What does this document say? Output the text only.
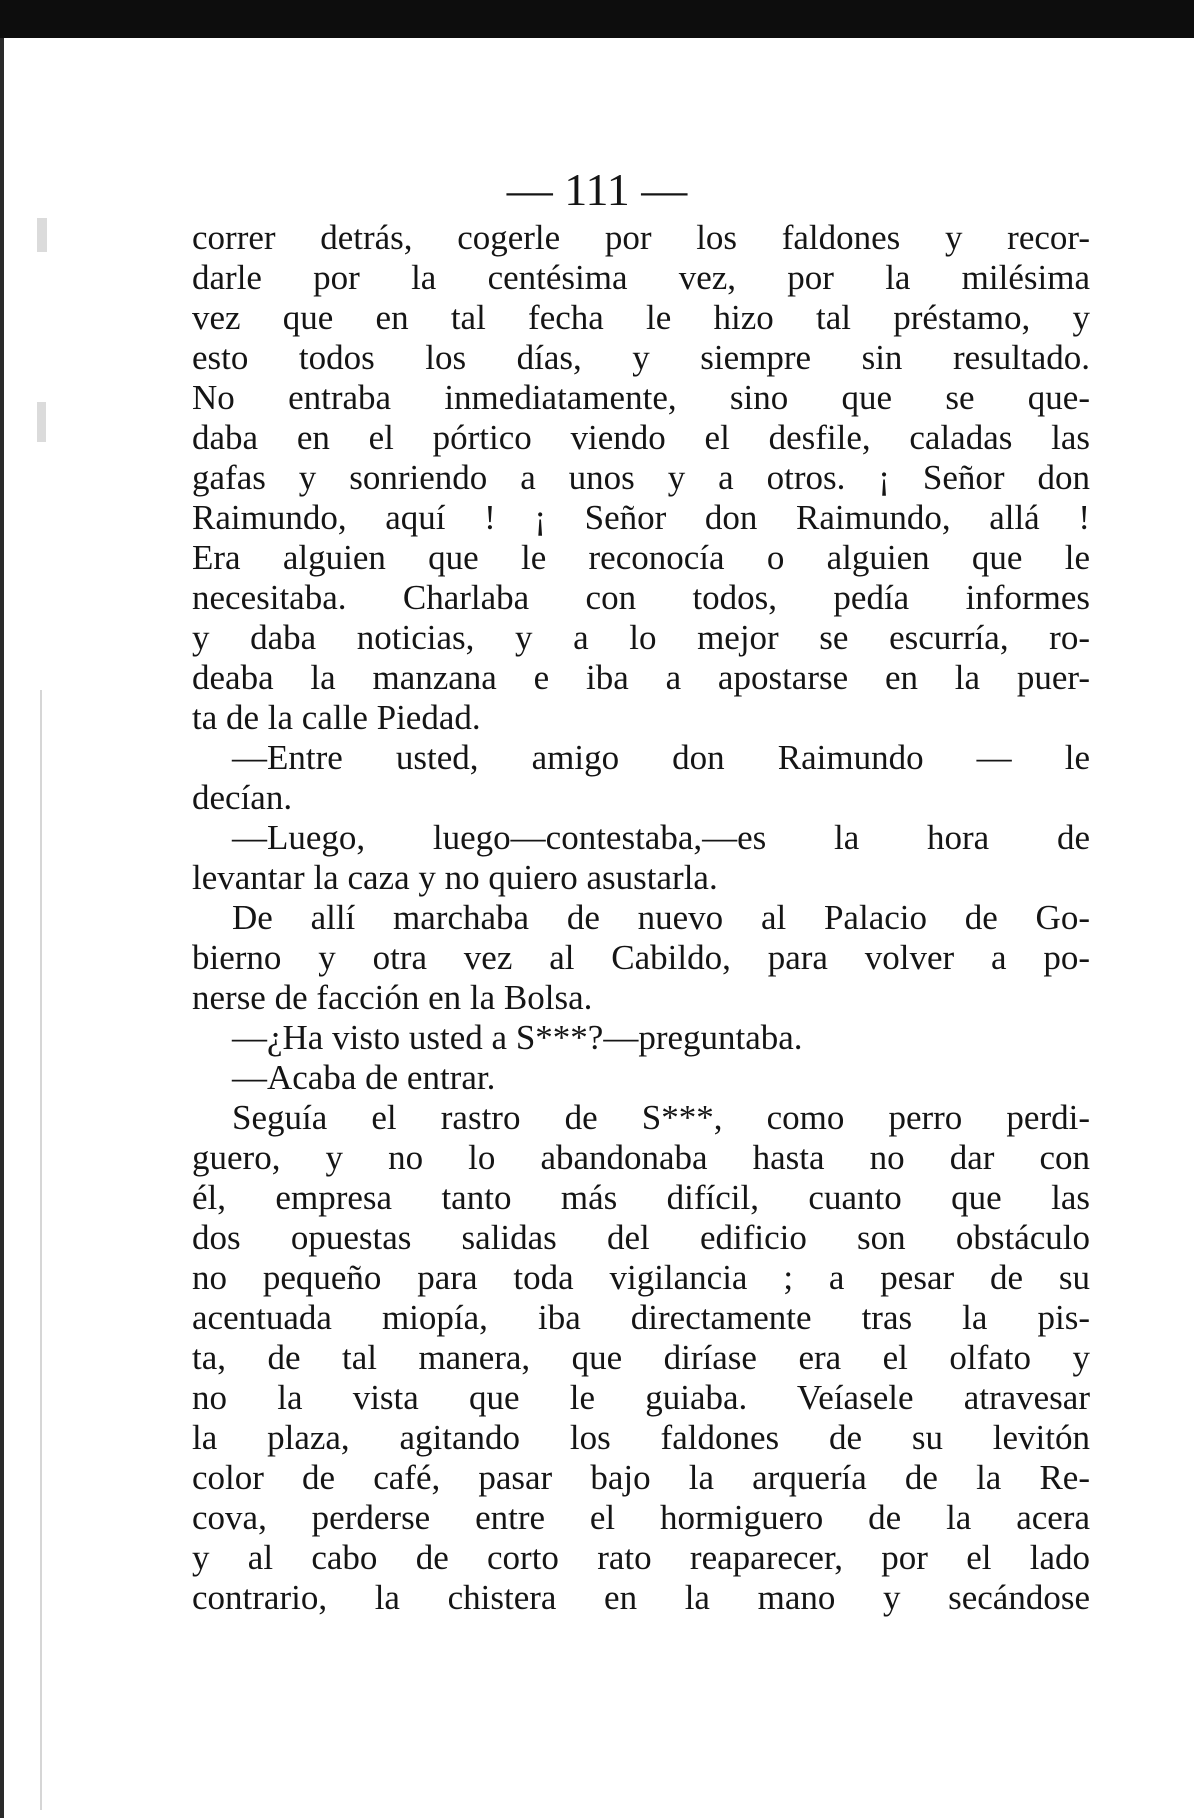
— 111 —
correr detrás, cogerle por los faldones y recor-
darle por la centésima vez, por la milésima
vez que en tal fecha le hizo tal préstamo, y
esto todos los días, y siempre sin resultado.
No entraba inmediatamente, sino que se que-
daba en el pórtico viendo el desfile, caladas las
gafas y sonriendo a unos y a otros. ¡ Señor don
Raimundo, aquí ! ¡ Señor don Raimundo, allá !
Era alguien que le reconocía o alguien que le
necesitaba. Charlaba con todos, pedía informes
y daba noticias, y a lo mejor se escurría, ro-
deaba la manzana e iba a apostarse en la puer-
ta de la calle Piedad.
—Entre usted, amigo don Raimundo — le
decían.
—Luego, luego—contestaba,—es la hora de
levantar la caza y no quiero asustarla.
De allí marchaba de nuevo al Palacio de Go-
bierno y otra vez al Cabildo, para volver a po-
nerse de facción en la Bolsa.
—¿Ha visto usted a S***?—preguntaba.
—Acaba de entrar.
Seguía el rastro de S***, como perro perdi-
guero, y no lo abandonaba hasta no dar con
él, empresa tanto más difícil, cuanto que las
dos opuestas salidas del edificio son obstáculo
no pequeño para toda vigilancia ; a pesar de su
acentuada miopía, iba directamente tras la pis-
ta, de tal manera, que diríase era el olfato y
no la vista que le guiaba. Veíasele atravesar
la plaza, agitando los faldones de su levitón
color de café, pasar bajo la arquería de la Re-
cova, perderse entre el hormiguero de la acera
y al cabo de corto rato reaparecer, por el lado
contrario, la chistera en la mano y secándose
